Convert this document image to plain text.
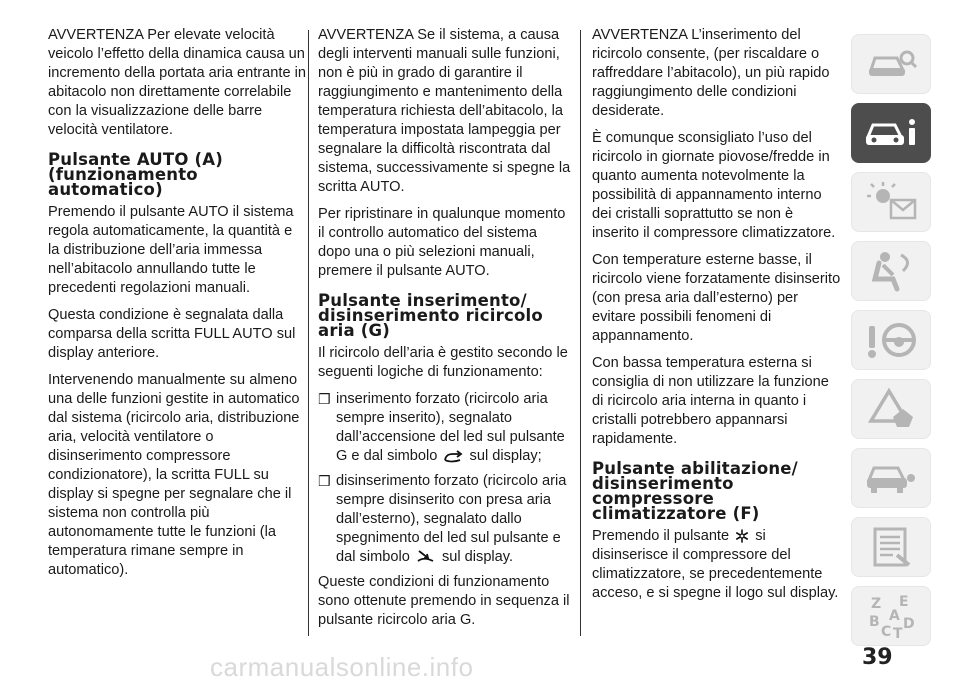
AVVERTENZA Per elevate velocità veicolo l’effetto della dinamica causa un incremento della portata aria entrante in abitacolo non direttamente correlabile con la visualizzazione delle barre velocità ventilatore.

Pulsante AUTO (A) (funzionamento automatico)

Premendo il pulsante AUTO il sistema regola automaticamente, la quantità e la distribuzione dell’aria immessa nell’abitacolo annullando tutte le precedenti regolazioni manuali.

Questa condizione è segnalata dalla comparsa della scritta FULL AUTO sul display anteriore.

Intervenendo manualmente su almeno una delle funzioni gestite in automatico dal sistema (ricircolo aria, distribuzione aria, velocità ventilatore o disinserimento compressore condizionatore), la scritta FULL su display si spegne per segnalare che il sistema non controlla più autonomamente tutte le funzioni (la temperatura rimane sempre in automatico).

AVVERTENZA Se il sistema, a causa degli interventi manuali sulle funzioni, non è più in grado di garantire il raggiungimento e mantenimento della temperatura richiesta dell’abitacolo, la temperatura impostata lampeggia per segnalare la difficoltà riscontrata dal sistema, successivamente si spegne la scritta AUTO.

Per ripristinare in qualunque momento il controllo automatico del sistema dopo una o più selezioni manuali, premere il pulsante AUTO.

Pulsante inserimento/ disinserimento ricircolo aria (G)

Il ricircolo dell’aria è gestito secondo le seguenti logiche di funzionamento:

❒ inserimento forzato (ricircolo aria sempre inserito), segnalato dall’accensione del led sul pulsante G e dal simbolo sul display;
❒ disinserimento forzato (ricircolo aria sempre disinserito con presa aria dall’esterno), segnalato dallo spegnimento del led sul pulsante e dal simbolo sul display.

Queste condizioni di funzionamento sono ottenute premendo in sequenza il pulsante ricircolo aria G.

AVVERTENZA L’inserimento del ricircolo consente, (per riscaldare o raffreddare l’abitacolo), un più rapido raggiungimento delle condizioni desiderate.

È comunque sconsigliato l’uso del ricircolo in giornate piovose/fredde in quanto aumenta notevolmente la possibilità di appannamento interno dei cristalli soprattutto se non è inserito il compressore climatizzatore.

Con temperature esterne basse, il ricircolo viene forzatamente disinserito (con presa aria dall’esterno) per evitare possibili fenomeni di appannamento.

Con bassa temperatura esterna si consiglia di non utilizzare la funzione di ricircolo aria interna in quanto i cristalli potrebbero appannarsi rapidamente.

Pulsante abilitazione/ disinserimento compressore climatizzatore (F)

Premendo il pulsante si disinserisce il compressore del climatizzatore, se precedentemente acceso, e si spegne il logo sul display.

Z E
A
B D
C T
carmanualsonline.info	39
